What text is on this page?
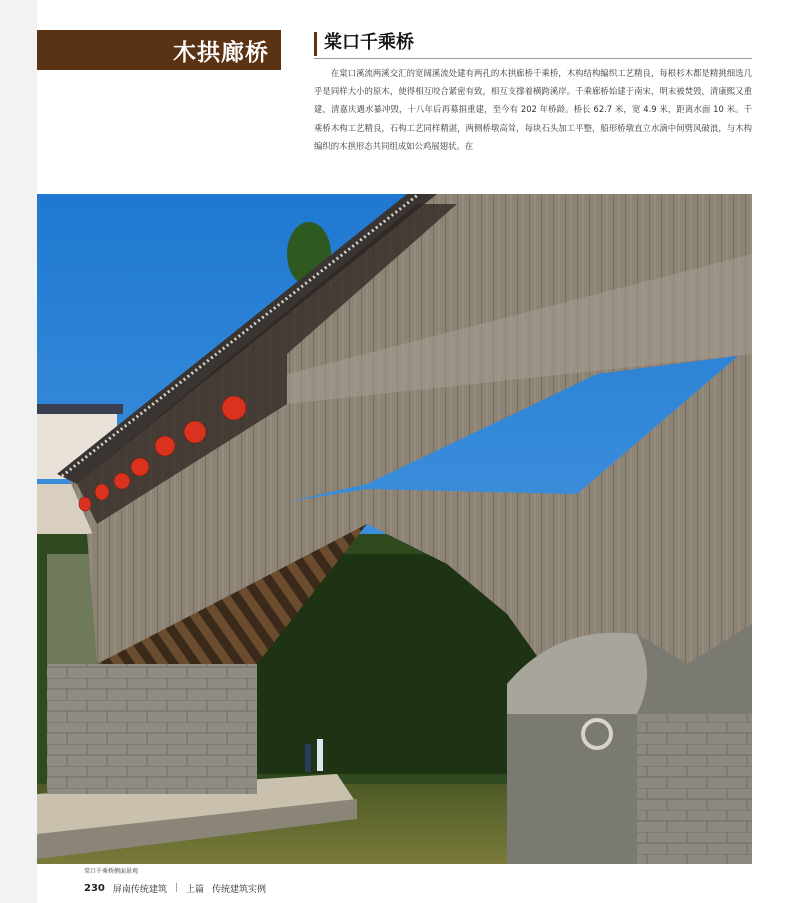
木拱廊桥	棠口千乘桥
在棠口溪流两溪交汇的宽阔溪流处建有两孔的木拱廊桥千乘桥，木构结构编织工艺精良，每根杉木都是精挑细选几乎是同样大小的原木，使得相互咬合紧密有致，相互支撑着横跨溪岸。千乘廊桥始建于南宋，明末被焚毁，清康熙又重建，清嘉庆遇水暴冲毁，十八年后再募捐重建，至今有 202 年桥龄。桥长 62.7 米，宽 4.9 米，距离水面 10 米。千乘桥木构工艺精良，石构工艺同样精湛，两侧桥墩高耸，每块石头加工平整，船形桥墩直立水滴中间劈风破浪，与木构编织的木拱形态共同组成如公鸡展翅状。在
棠口千乘桥侧面景观
230 屏南传统建筑 | 上篇 传统建筑实例
